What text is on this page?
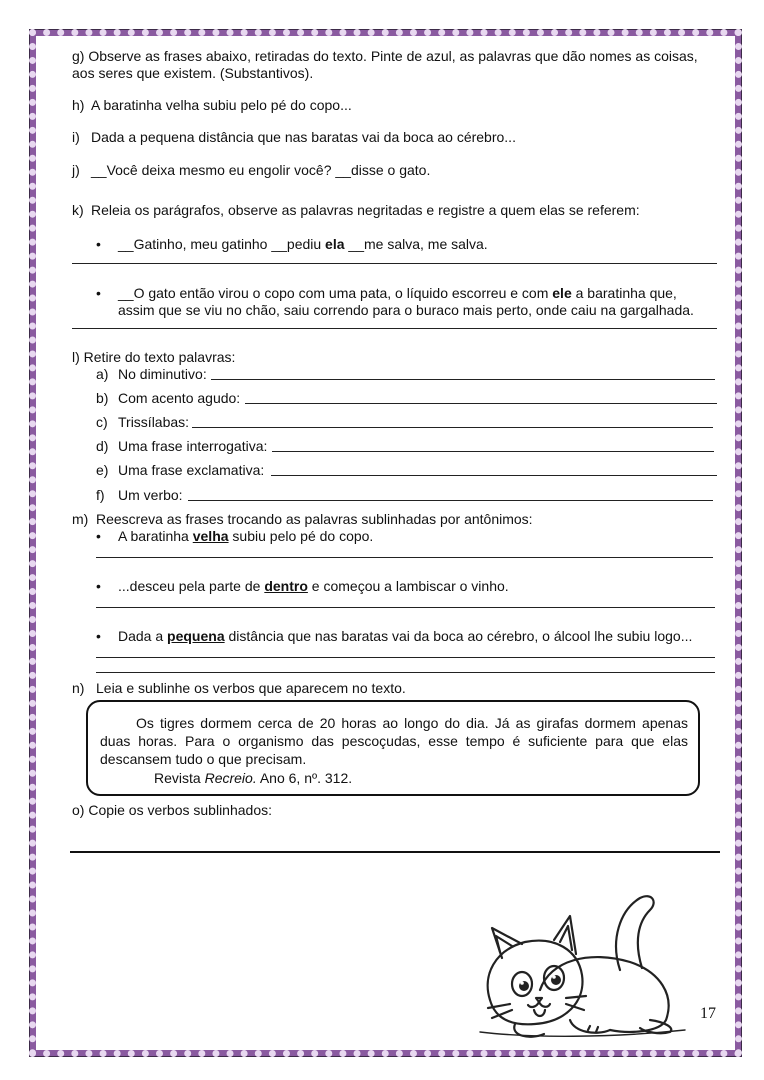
g) Observe as frases abaixo, retiradas do texto. Pinte de azul, as palavras que dão nomes as coisas,
aos seres que existem. (Substantivos).
h) A baratinha velha subiu pelo pé do copo...
i) Dada a pequena distância que nas baratas vai da boca ao cérebro...
j) __Você deixa mesmo eu engolir você? __disse o gato.
k) Releia os parágrafos, observe as palavras negritadas e registre a quem elas se referem:
• __Gatinho, meu gatinho __pediu ela __me salva, me salva.
• __O gato então virou o copo com uma pata, o líquido escorreu e com ele a baratinha que,
assim que se viu no chão, saiu correndo para o buraco mais perto, onde caiu na gargalhada.
l) Retire do texto palavras:
a) No diminutivo:
b) Com acento agudo:
c) Trissílabas:
d) Uma frase interrogativa:
e) Uma frase exclamativa:
f) Um verbo:
m) Reescreva as frases trocando as palavras sublinhadas por antônimos:
• A baratinha velha subiu pelo pé do copo.
• ...desceu pela parte de dentro e começou a lambiscar o vinho.
• Dada a pequena distância que nas baratas vai da boca ao cérebro, o álcool lhe subiu logo...
n) Leia e sublinhe os verbos que aparecem no texto.
Os tigres dormem cerca de 20 horas ao longo do dia. Já as girafas dormem apenas duas horas. Para o organismo das pescoçudas, esse tempo é suficiente para que elas descansem tudo o que precisam.
Revista Recreio. Ano 6, nº. 312.
o) Copie os verbos sublinhados:
17
